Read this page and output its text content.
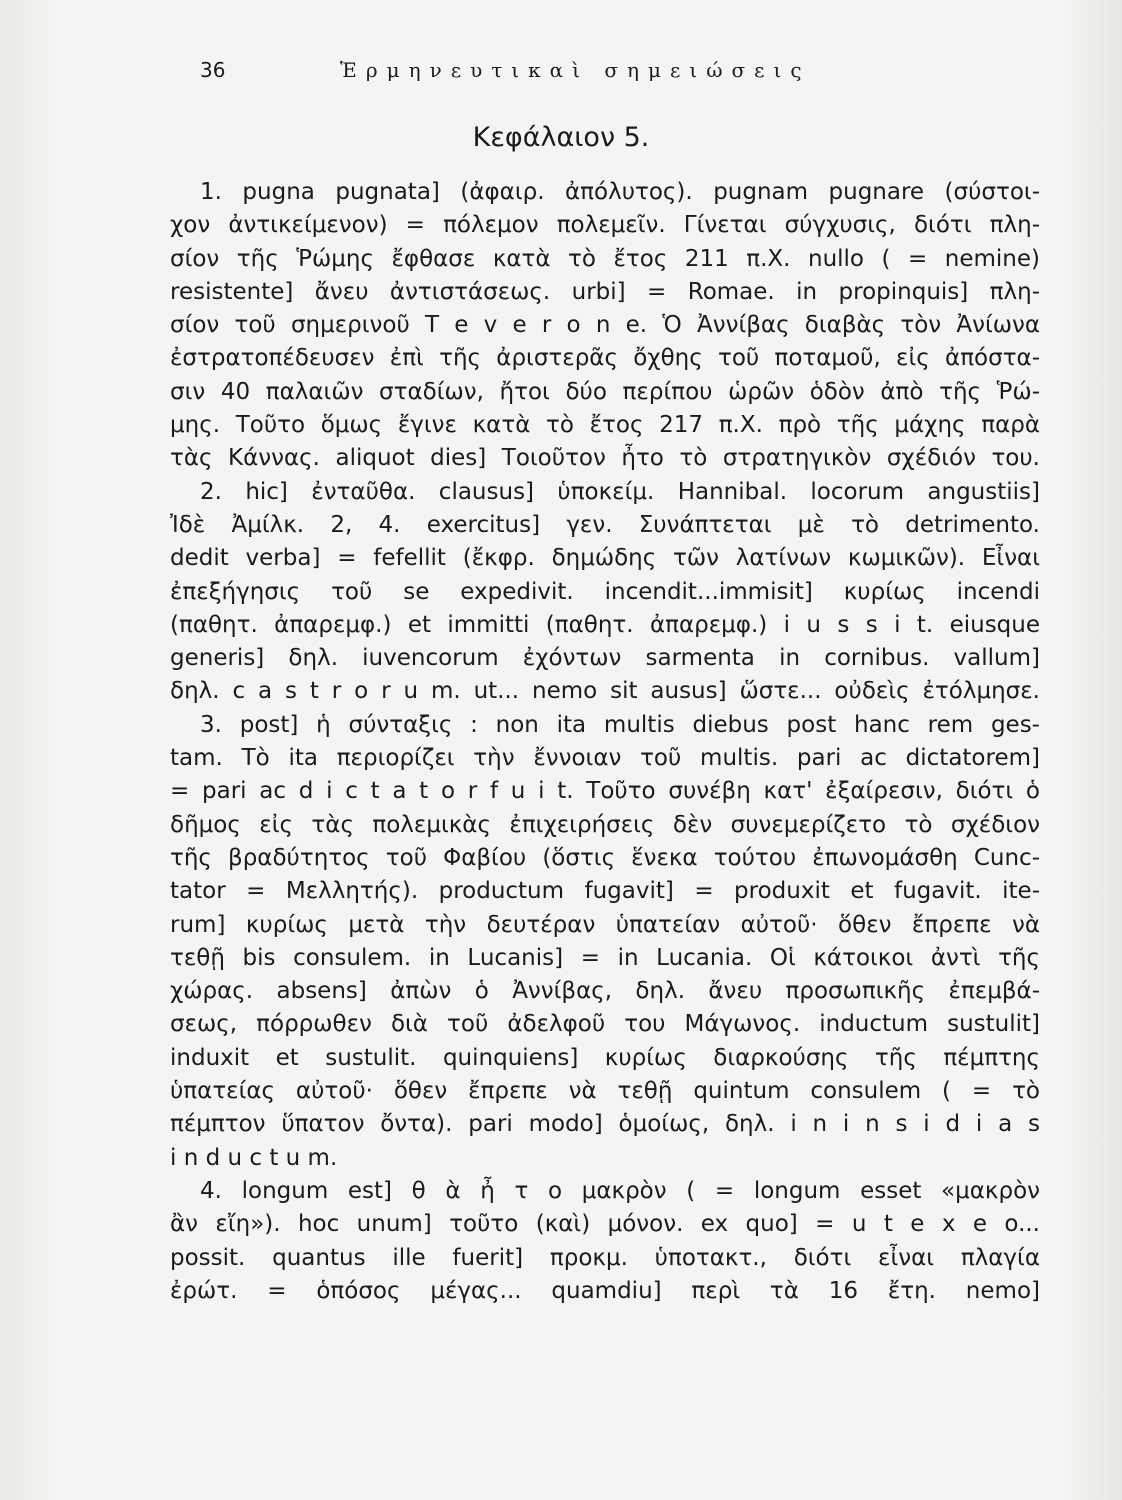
36	Ἑρμηνευτικαὶ σημειώσεις
Κεφάλαιον 5.
1. pugna pugnata] (ἀφαιρ. ἀπόλυτος). pugnam pugnare (σύστοι-
χον ἀντικείμενον) = πόλεμον πολεμεῖν. Γίνεται σύγχυσις, διότι πλη-
σίον τῆς Ῥώμης ἔφθασε κατὰ τὸ ἔτος 211 π.Χ. nullo ( = nemine)
resistente] ἄνευ ἀντιστάσεως. urbi] = Romae. in propinquis] πλη-
σίον τοῦ σημερινοῦ T e v e r o n e. Ὁ Ἀννίβας διαβὰς τὸν Ἀνίωνα
ἐστρατοπέδευσεν ἐπὶ τῆς ἀριστερᾶς ὄχθης τοῦ ποταμοῦ, εἰς ἀπόστα-
σιν 40 παλαιῶν σταδίων, ἤτοι δύο περίπου ὡρῶν ὁδὸν ἀπὸ τῆς Ῥώ-
μης. Τοῦτο ὅμως ἔγινε κατὰ τὸ ἔτος 217 π.Χ. πρὸ τῆς μάχης παρὰ
τὰς Κάννας. aliquot dies] Τοιοῦτον ἦτο τὸ στρατηγικὸν σχέδιόν του.
2. hic] ἐνταῦθα. clausus] ὑποκείμ. Hannibal. locorum angustiis]
Ἰδὲ Ἀμίλκ. 2, 4. exercitus] γεν. Συνάπτεται μὲ τὸ detrimento.
dedit verba] = fefellit (ἔκφρ. δημώδης τῶν λατίνων κωμικῶν). Εἶναι
ἐπεξήγησις τοῦ se expedivit. incendit...immisit] κυρίως incendi
(παθητ. ἀπαρεμφ.) et immitti (παθητ. ἀπαρεμφ.) i u s s i t. eiusque
generis] δηλ. iuvencorum ἐχόντων sarmenta in cornibus. vallum]
δηλ. c a s t r o r u m. ut... nemo sit ausus] ὥστε... οὐδεὶς ἐτόλμησε.
3. post] ἡ σύνταξις : non ita multis diebus post hanc rem ges-
tam. Τὸ ita περιορίζει τὴν ἔννοιαν τοῦ multis. pari ac dictatorem]
= pari ac d i c t a t o r f u i t. Τοῦτο συνέβη κατ' ἐξαίρεσιν, διότι ὁ
δῆμος εἰς τὰς πολεμικὰς ἐπιχειρήσεις δὲν συνεμερίζετο τὸ σχέδιον
τῆς βραδύτητος τοῦ Φαβίου (ὅστις ἕνεκα τούτου ἐπωνομάσθη Cunc-
tator = Μελλητής). productum fugavit] = produxit et fugavit. ite-
rum] κυρίως μετὰ τὴν δευτέραν ὑπατείαν αὐτοῦ· ὅθεν ἔπρεπε νὰ
τεθῇ bis consulem. in Lucanis] = in Lucania. Οἱ κάτοικοι ἀντὶ τῆς
χώρας. absens] ἀπὼν ὁ Ἀννίβας, δηλ. ἄνευ προσωπικῆς ἐπεμβά-
σεως, πόρρωθεν διὰ τοῦ ἀδελφοῦ του Μάγωνος. inductum sustulit]
induxit et sustulit. quinquiens] κυρίως διαρκούσης τῆς πέμπτης
ὑπατείας αὐτοῦ· ὅθεν ἔπρεπε νὰ τεθῇ quintum consulem ( = τὸ
πέμπτον ὕπατον ὄντα). pari modo] ὁμοίως, δηλ. i n i n s i d i a s
i n d u c t u m.
4. longum est] θ ὰ ἦ τ ο μακρὸν ( = longum esset «μακρὸν
ἂν εἴη»). hoc unum] τοῦτο (καὶ) μόνον. ex quo] = u t e x e o...
possit. quantus ille fuerit] προκμ. ὑποτακτ., διότι εἶναι πλαγία
ἐρώτ. = ὁπόσος μέγας... quamdiu] περὶ τὰ 16 ἔτη. nemo]
